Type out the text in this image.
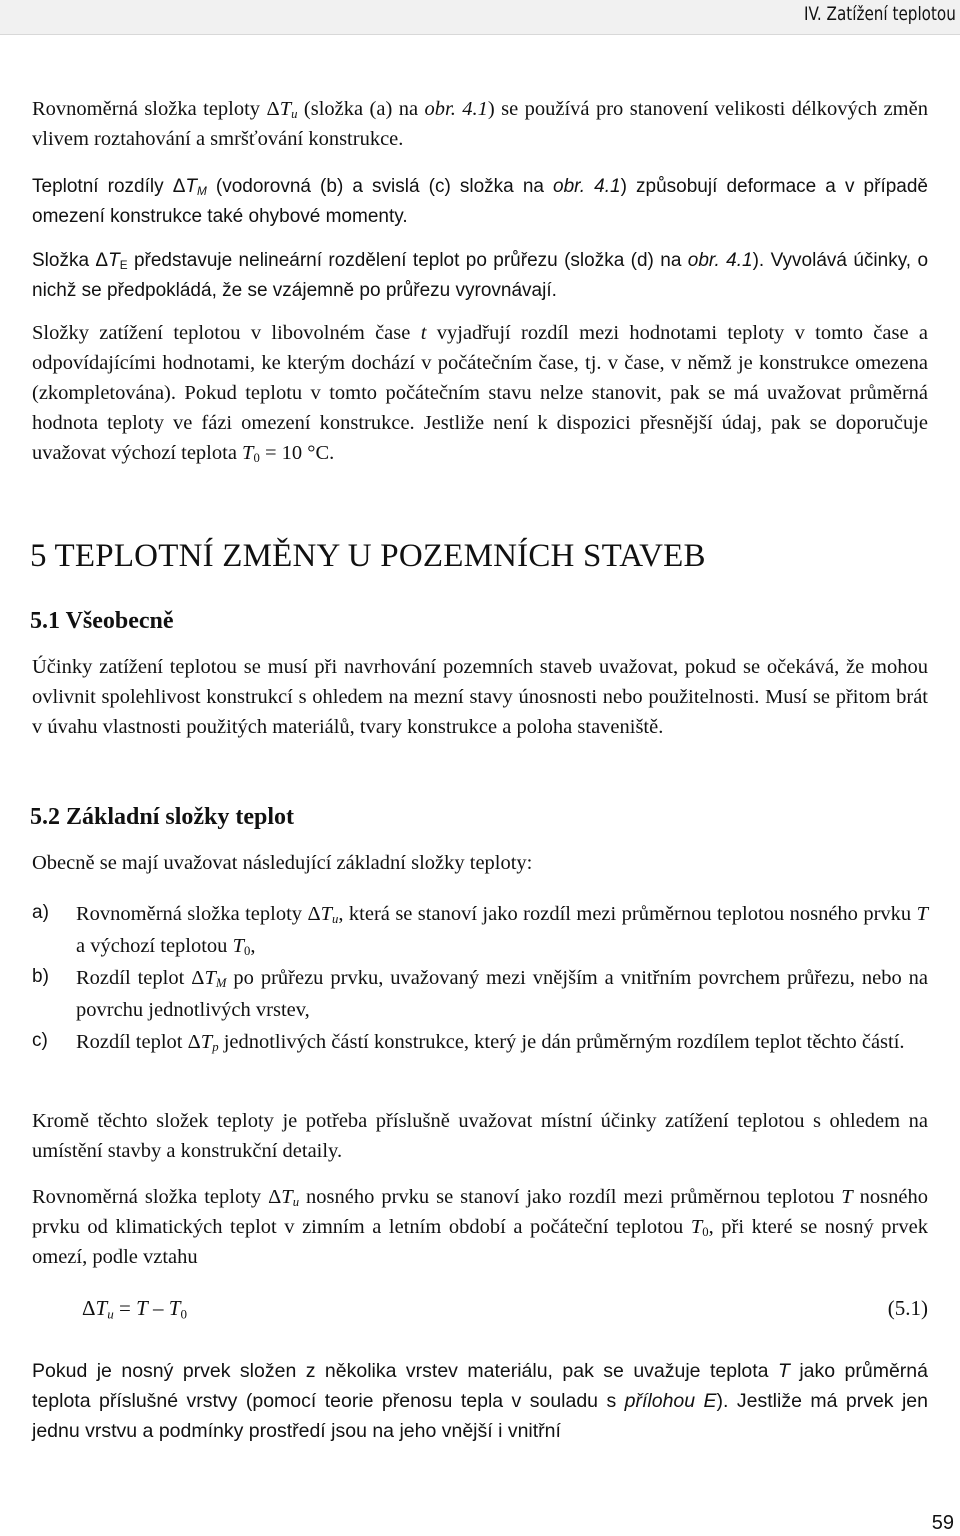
IV. Zatížení teplotou

Rovnoměrná složka teploty $\Delta T_u$ (složka (a) na obr. 4.1) se používá pro stanovení velikosti délkových změn vlivem roztahování a smršťování konstrukce.

Teplotní rozdíly $\Delta T_M$ (vodorovná (b) a svislá (c) složka na obr. 4.1) způsobují deformace a v případě omezení konstrukce také ohybové momenty.

Složka $\Delta T_E$ představuje nelineární rozdělení teplot po průřezu (složka (d) na obr. 4.1). Vyvolává účinky, o nichž se předpokládá, že se vzájemně po průřezu vyrovnávají.

Složky zatížení teplotou v libovolném čase t vyjadřují rozdíl mezi hodnotami teploty v tomto čase a odpovídajícími hodnotami, ke kterým dochází v počátečním čase, tj. v čase, v němž je konstrukce omezena (zkompletována). Pokud teplotu v tomto počátečním stavu nelze stanovit, pak se má uvažovat průměrná hodnota teploty ve fázi omezení konstrukce. Jestliže není k dispozici přesnější údaj, pak se doporučuje uvažovat výchozí teplota $T_0 = 10$ °C.

5 TEPLOTNÍ ZMĚNY U POZEMNÍCH STAVEB
5.1 Všeobecně

Účinky zatížení teplotou se musí při navrhování pozemních staveb uvažovat, pokud se očekává, že mohou ovlivnit spolehlivost konstrukcí s ohledem na mezní stavy únosnosti nebo použitelnosti. Musí se přitom brát v úvahu vlastnosti použitých materiálů, tvary konstrukce a poloha staveniště.

5.2 Základní složky teplot

Obecně se mají uvažovat následující základní složky teploty:

a) Rovnoměrná složka teploty $\Delta T_u$, která se stanoví jako rozdíl mezi průměrnou teplotou nosného prvku T a výchozí teplotou $T_0$,

b) Rozdíl teplot $\Delta T_M$ po průřezu prvku, uvažovaný mezi vnějším a vnitřním povrchem průřezu, nebo na povrchu jednotlivých vrstev,

c) Rozdíl teplot $\Delta T_p$ jednotlivých částí konstrukce, který je dán průměrným rozdílem teplot těchto částí.

Kromě těchto složek teploty je potřeba příslušně uvažovat místní účinky zatížení teplotou s ohledem na umístění stavby a konstrukční detaily.

Rovnoměrná složka teploty $\Delta T_u$ nosného prvku se stanoví jako rozdíl mezi průměrnou teplotou T nosného prvku od klimatických teplot v zimním a letním období a počáteční teplotou $T_0$, při které se nosný prvek omezí, podle vztahu

$\Delta T_u = T - T_0$	(5.1)

Pokud je nosný prvek složen z několika vrstev materiálu, pak se uvažuje teplota T jako průměrná teplota příslušné vrstvy (pomocí teorie přenosu tepla v souladu s přílohou E). Jestliže má prvek jen jednu vrstvu a podmínky prostředí jsou na jeho vnější i vnitřní

59
